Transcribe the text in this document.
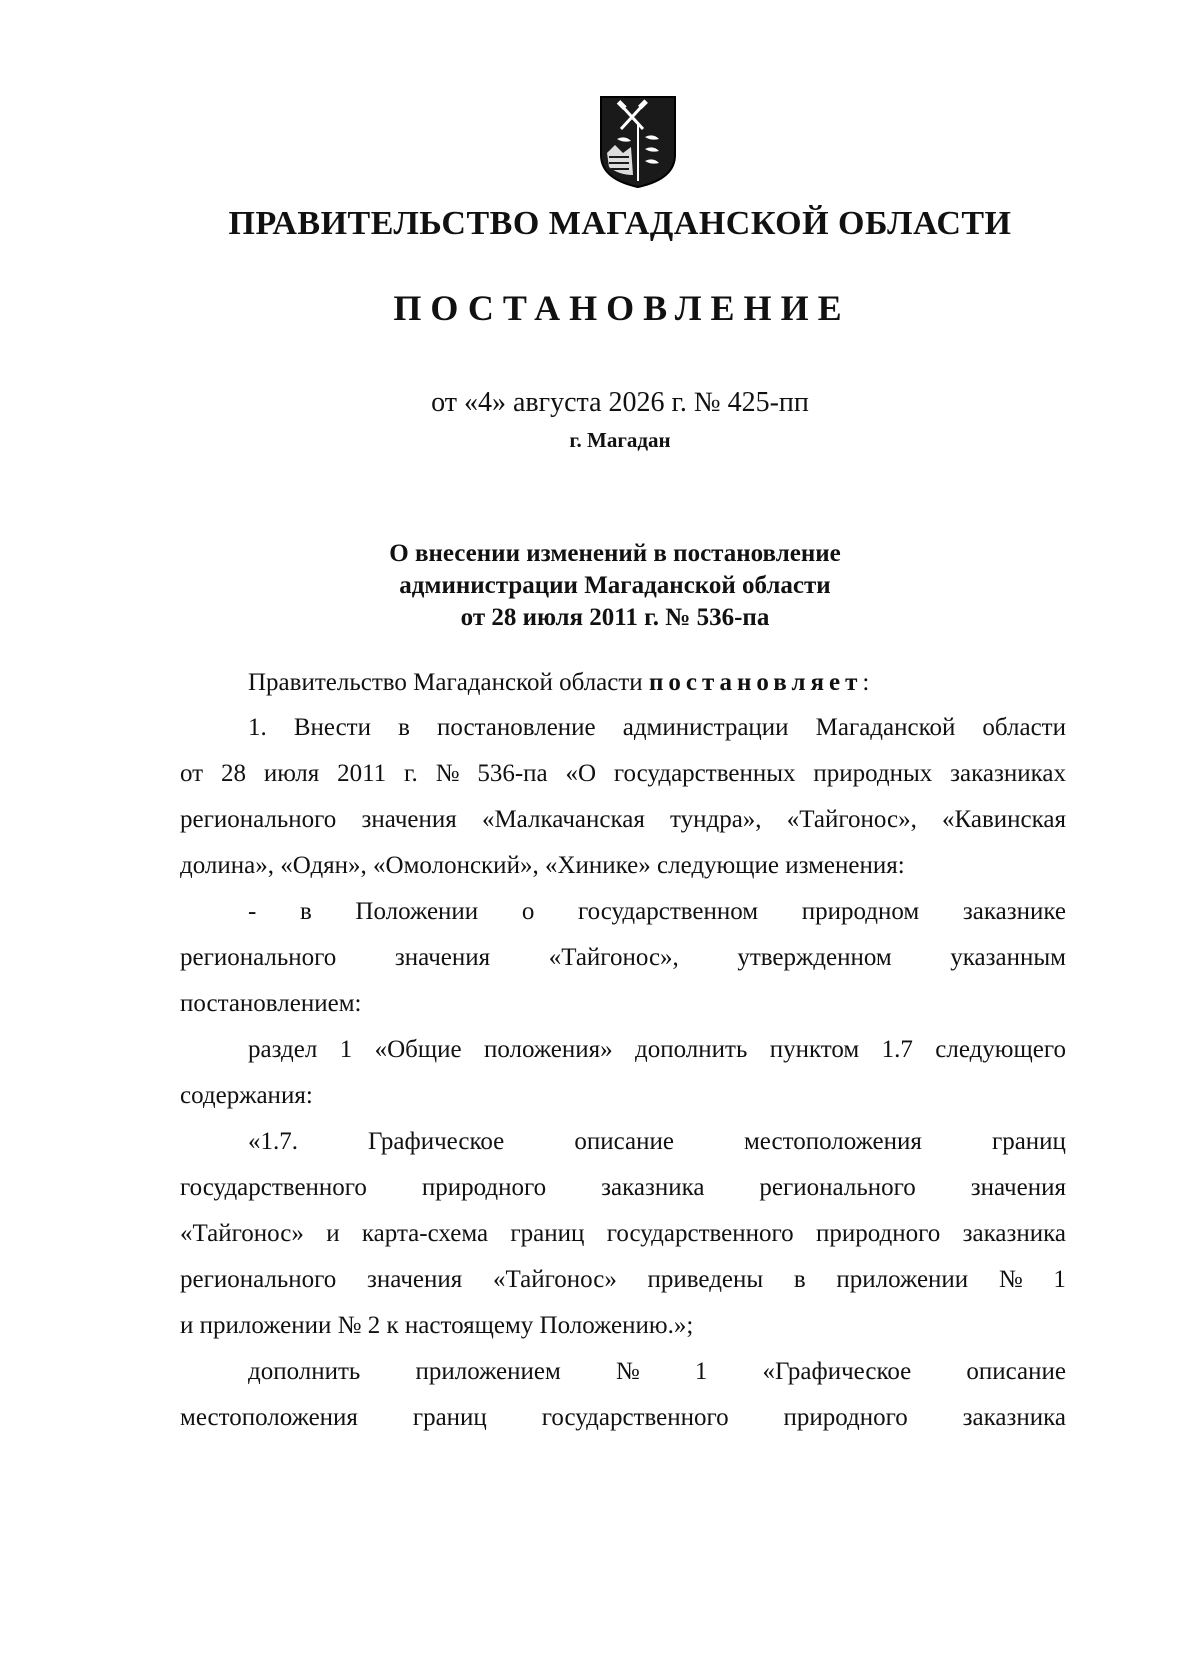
ПРАВИТЕЛЬСТВО МАГАДАНСКОЙ ОБЛАСТИ
ПОСТАНОВЛЕНИЕ
от «4» августа 2026 г. № 425-пп
г. Магадан
О внесении изменений в постановление
администрации Магаданской области
от 28 июля 2011 г. № 536-па
Правительство Магаданской области постановляет:
1. Внести в постановление администрации Магаданской области
от 28 июля 2011 г. № 536-па «О государственных природных заказниках
регионального значения «Малкачанская тундра», «Тайгонос», «Кавинская
долина», «Одян», «Омолонский», «Хинике» следующие изменения:
- в Положении о государственном природном заказнике
регионального значения «Тайгонос», утвержденном указанным
постановлением:
раздел 1 «Общие положения» дополнить пунктом 1.7 следующего
содержания:
«1.7.	Графическое	описание	местоположения	границ
государственного природного заказника регионального значения
«Тайгонос» и карта-схема границ государственного природного заказника
регионального значения «Тайгонос» приведены в приложении № 1
и приложении № 2 к настоящему Положению.»;
дополнить приложением № 1 «Графическое описание
местоположения границ государственного природного заказника
